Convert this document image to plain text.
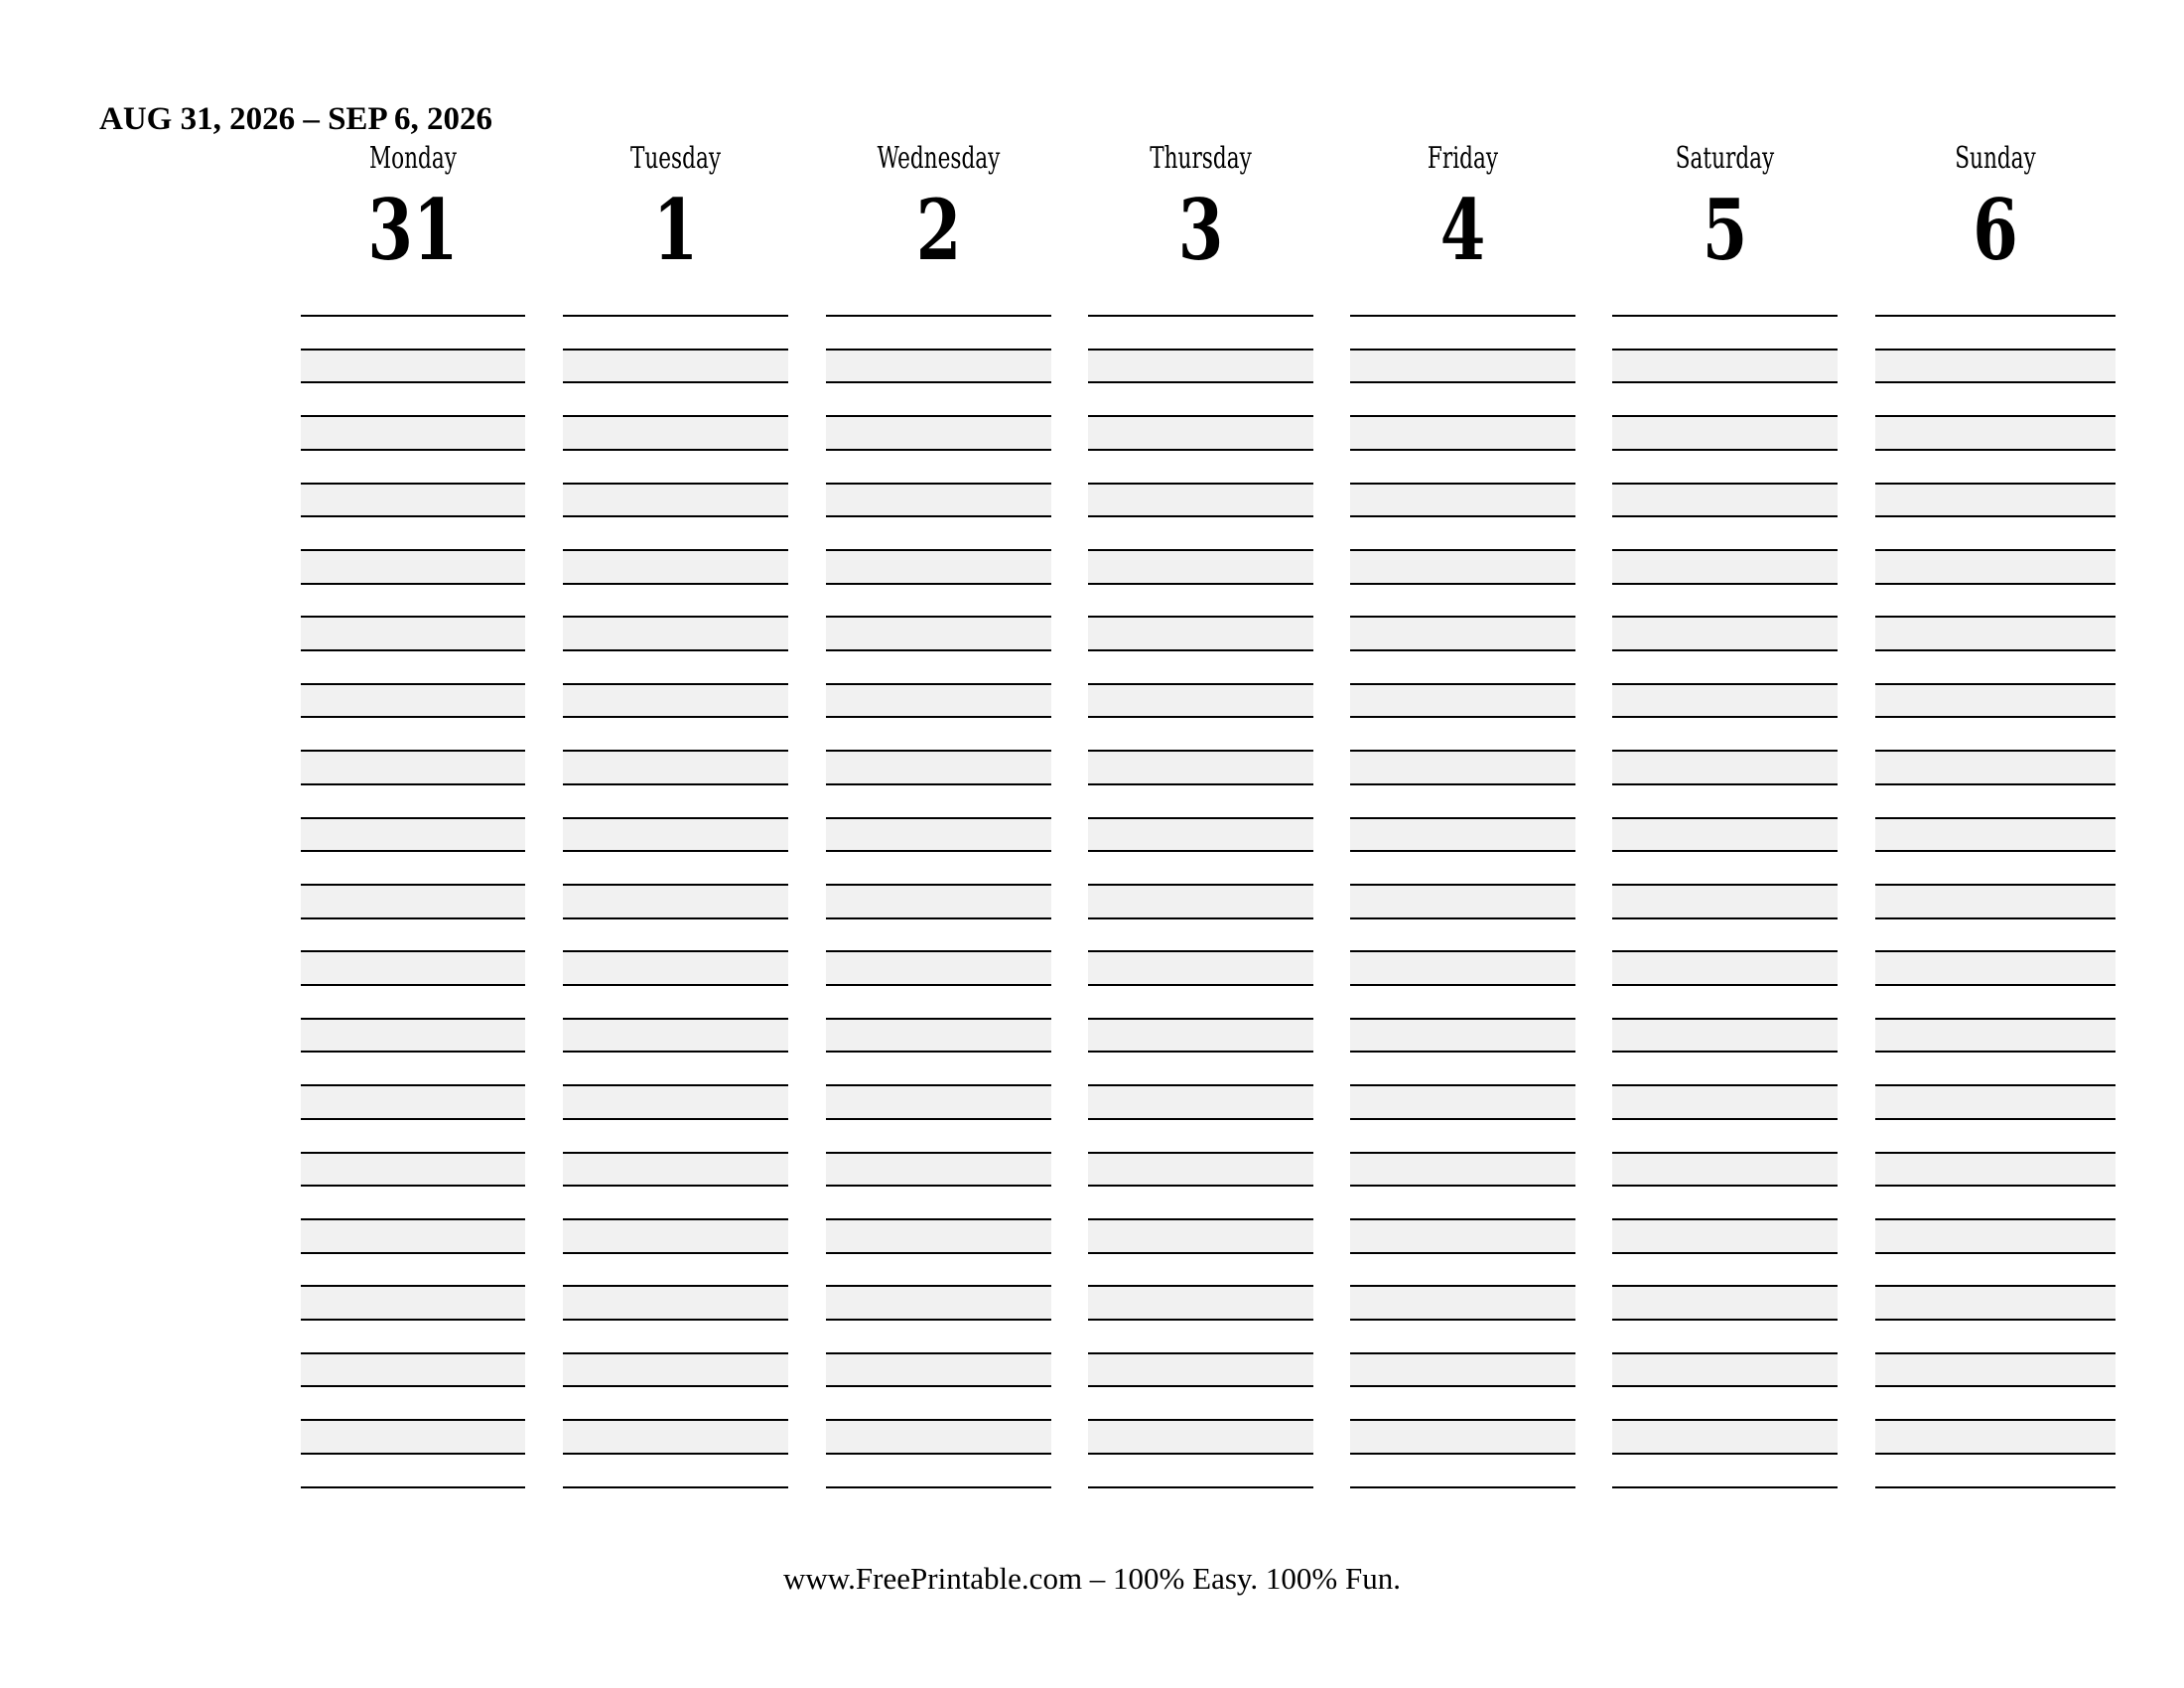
AUG 31, 2026 – SEP 6, 2026
Monday
31
Tuesday
1
Wednesday
2
Thursday
3
Friday
4
Saturday
5
Sunday
6
www.FreePrintable.com – 100% Easy. 100% Fun.
